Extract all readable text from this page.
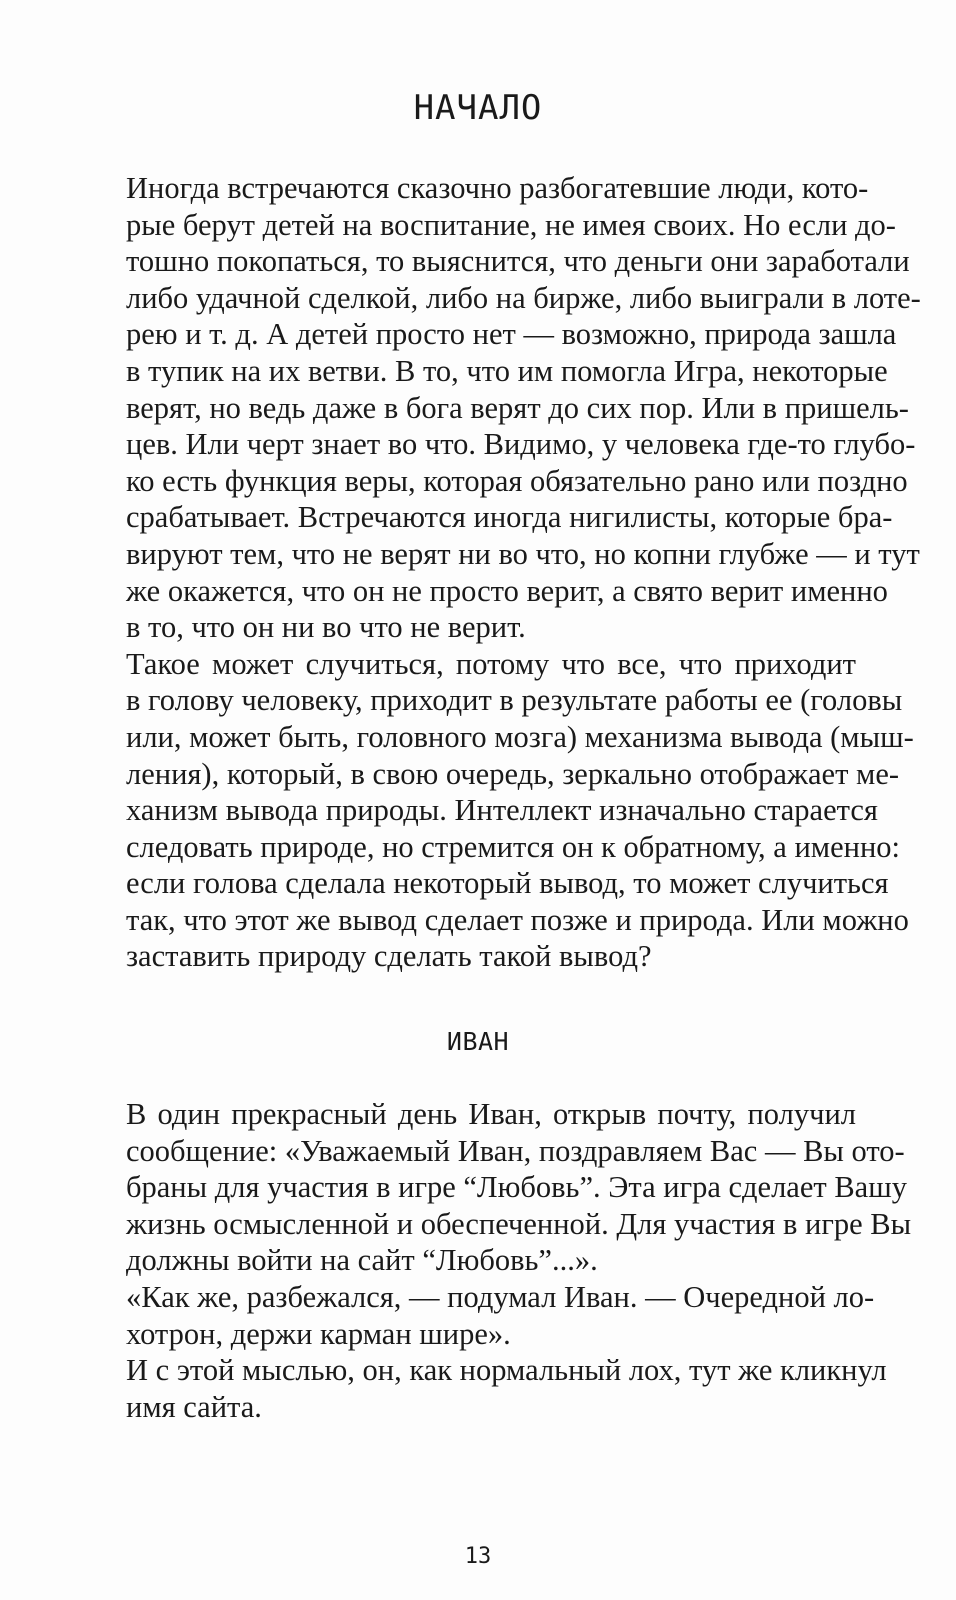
НАЧАЛО
Иногда встречаются сказочно разбогатевшие люди, кото-
рые берут детей на воспитание, не имея своих. Но если до-
тошно покопаться, то выяснится, что деньги они заработали
либо удачной сделкой, либо на бирже, либо выиграли в лоте-
рею и т. д. А детей просто нет — возможно, природа зашла
в тупик на их ветви. В то, что им помогла Игра, некоторые
верят, но ведь даже в бога верят до сих пор. Или в пришель-
цев. Или черт знает во что. Видимо, у человека где-то глубо-
ко есть функция веры, которая обязательно рано или поздно
срабатывает. Встречаются иногда нигилисты, которые бра-
вируют тем, что не верят ни во что, но копни глубже — и тут
же окажется, что он не просто верит, а свято верит именно
в то, что он ни во что не верит.
Такое может случиться, потому что все, что приходит
в голову человеку, приходит в результате работы ее (головы
или, может быть, головного мозга) механизма вывода (мыш-
ления), который, в свою очередь, зеркально отображает ме-
ханизм вывода природы. Интеллект изначально старается
следовать природе, но стремится он к обратному, а именно:
если голова сделала некоторый вывод, то может случиться
так, что этот же вывод сделает позже и природа. Или можно
заставить природу сделать такой вывод?
ИВАН
В один прекрасный день Иван, открыв почту, получил
сообщение: «Уважаемый Иван, поздравляем Вас — Вы ото-
браны для участия в игре “Любовь”. Эта игра сделает Вашу
жизнь осмысленной и обеспеченной. Для участия в игре Вы
должны войти на сайт “Любовь”...».
«Как же, разбежался, — подумал Иван. — Очередной ло-
хотрон, держи карман шире».
И с этой мыслью, он, как нормальный лох, тут же кликнул
имя сайта.
13
